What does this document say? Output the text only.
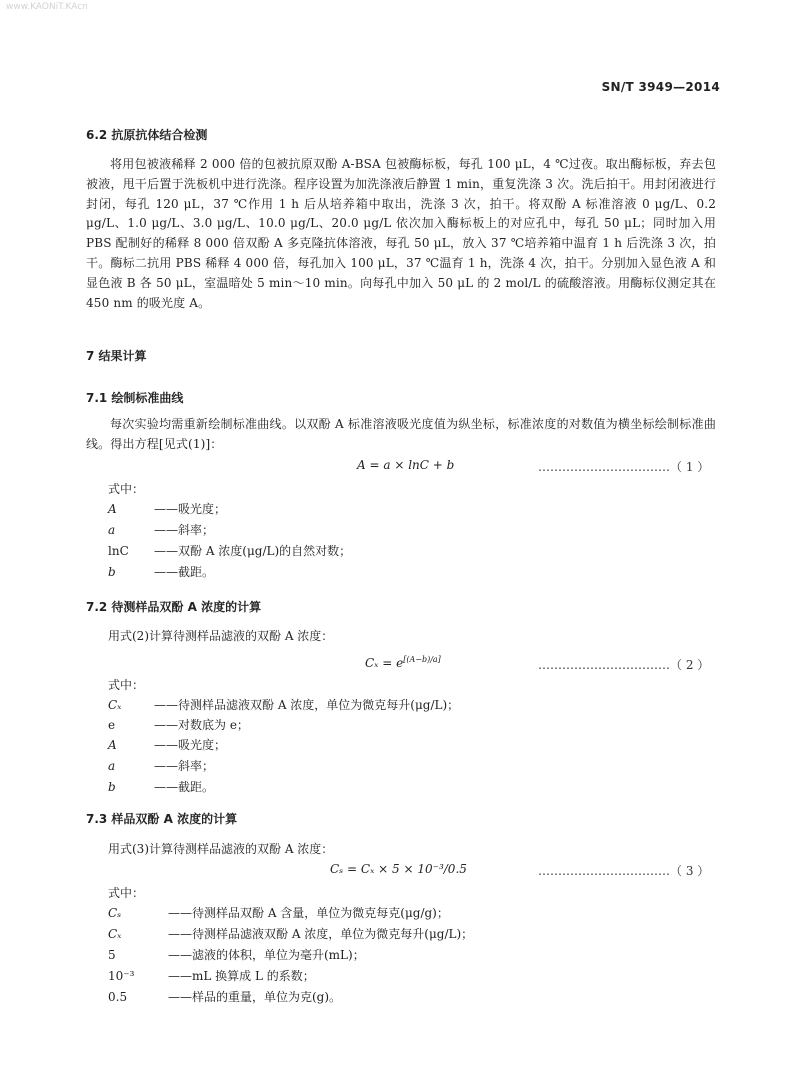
www.KAONiT.KAcn
SN/T 3949—2014
6.2 抗原抗体结合检测
将用包被液稀释 2 000 倍的包被抗原双酚 A-BSA 包被酶标板，每孔 100 μL，4 ℃过夜。取出酶标板，弃去包被液，甩干后置于洗板机中进行洗涤。程序设置为加洗涤液后静置 1 min，重复洗涤 3 次。洗后拍干。用封闭液进行封闭，每孔 120 μL，37 ℃作用 1 h 后从培养箱中取出，洗涤 3 次，拍干。将双酚 A 标准溶液 0 μg/L、0.2 μg/L、1.0 μg/L、3.0 μg/L、10.0 μg/L、20.0 μg/L 依次加入酶标板上的对应孔中，每孔 50 μL；同时加入用 PBS 配制好的稀释 8 000 倍双酚 A 多克隆抗体溶液，每孔 50 μL，放入 37 ℃培养箱中温育 1 h 后洗涤 3 次，拍干。酶标二抗用 PBS 稀释 4 000 倍，每孔加入 100 μL，37 ℃温育 1 h，洗涤 4 次，拍干。分别加入显色液 A 和显色液 B 各 50 μL，室温暗处 5 min～10 min。向每孔中加入 50 μL 的 2 mol/L 的硫酸溶液。用酶标仪测定其在 450 nm 的吸光度 A。
7 结果计算
7.1 绘制标准曲线
每次实验均需重新绘制标准曲线。以双酚 A 标准溶液吸光度值为纵坐标，标准浓度的对数值为横坐标绘制标准曲线。得出方程[见式(1)]：
A = a × lnC + b	……………………………（ 1 ）
式中：
A	——吸光度；
a	——斜率；
lnC ——双酚 A 浓度(μg/L)的自然对数；
b	——截距。
7.2 待测样品双酚 A 浓度的计算
用式(2)计算待测样品滤液的双酚 A 浓度：
Cₓ = e[(A−b)/a]	……………………………（ 2 ）
式中：
Cₓ	——待测样品滤液双酚 A 浓度，单位为微克每升(μg/L)；
e	——对数底为 e；
A	——吸光度；
a	——斜率；
b	——截距。
7.3 样品双酚 A 浓度的计算
用式(3)计算待测样品滤液的双酚 A 浓度：
Cₛ = Cₓ × 5 × 10⁻³/0.5	……………………………（ 3 ）
式中：
Cₛ	——待测样品双酚 A 含量，单位为微克每克(μg/g)；
Cₓ	——待测样品滤液双酚 A 浓度，单位为微克每升(μg/L)；
5	——滤液的体积，单位为毫升(mL)；
10⁻³	——mL 换算成 L 的系数；
0.5	——样品的重量，单位为克(g)。
